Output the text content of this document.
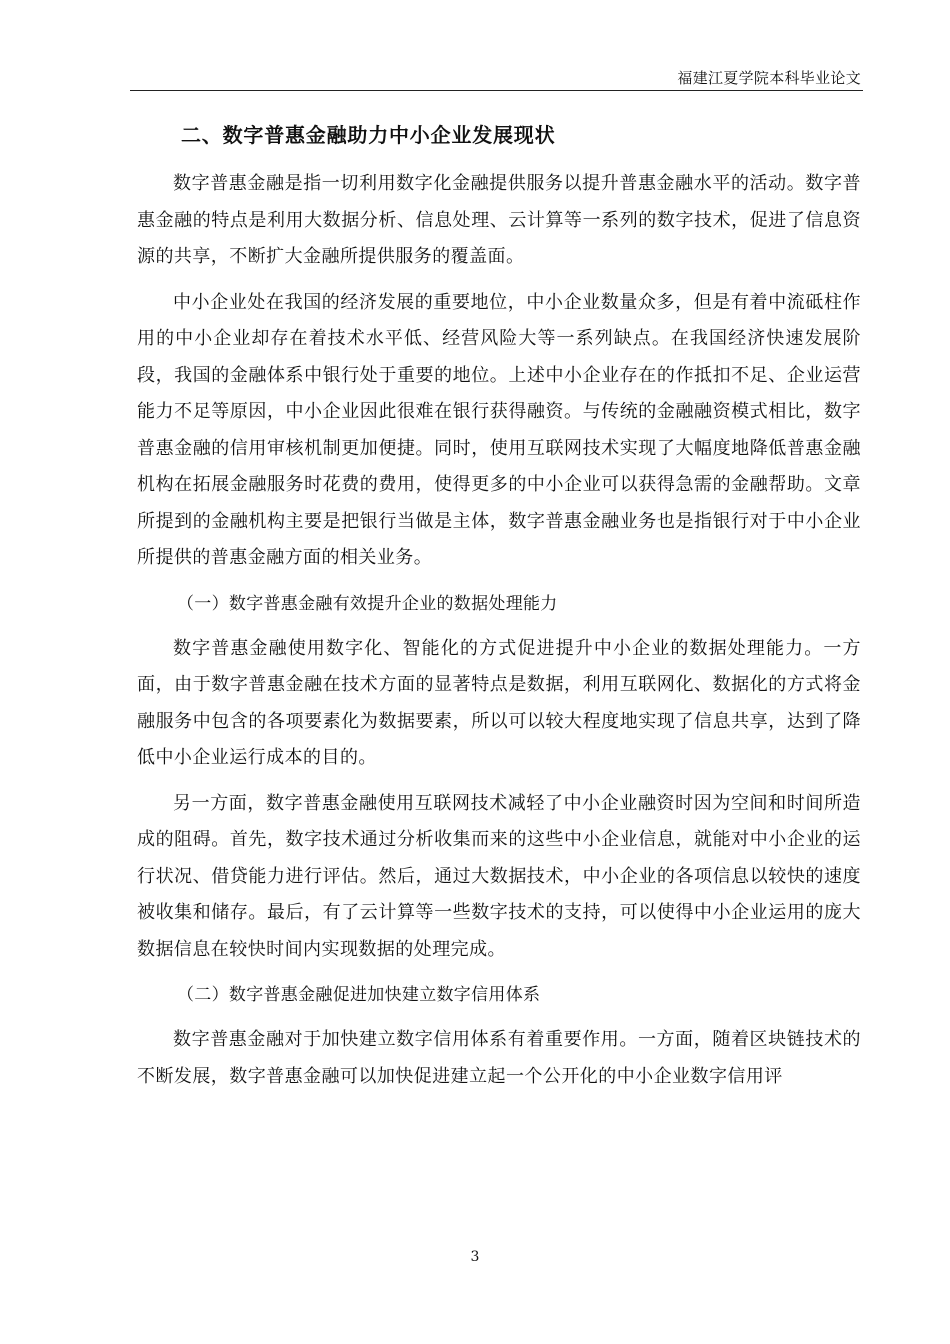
福建江夏学院本科毕业论文
二、数字普惠金融助力中小企业发展现状

数字普惠金融是指一切利用数字化金融提供服务以提升普惠金融水平的活动。数字普惠金融的特点是利用大数据分析、信息处理、云计算等一系列的数字技术，促进了信息资源的共享，不断扩大金融所提供服务的覆盖面。

中小企业处在我国的经济发展的重要地位，中小企业数量众多，但是有着中流砥柱作用的中小企业却存在着技术水平低、经营风险大等一系列缺点。在我国经济快速发展阶段，我国的金融体系中银行处于重要的地位。上述中小企业存在的作抵扣不足、企业运营能力不足等原因，中小企业因此很难在银行获得融资。与传统的金融融资模式相比，数字普惠金融的信用审核机制更加便捷。同时，使用互联网技术实现了大幅度地降低普惠金融机构在拓展金融服务时花费的费用，使得更多的中小企业可以获得急需的金融帮助。文章所提到的金融机构主要是把银行当做是主体，数字普惠金融业务也是指银行对于中小企业所提供的普惠金融方面的相关业务。

（一）数字普惠金融有效提升企业的数据处理能力

数字普惠金融使用数字化、智能化的方式促进提升中小企业的数据处理能力。一方面，由于数字普惠金融在技术方面的显著特点是数据，利用互联网化、数据化的方式将金融服务中包含的各项要素化为数据要素，所以可以较大程度地实现了信息共享，达到了降低中小企业运行成本的目的。

另一方面，数字普惠金融使用互联网技术减轻了中小企业融资时因为空间和时间所造成的阻碍。首先，数字技术通过分析收集而来的这些中小企业信息，就能对中小企业的运行状况、借贷能力进行评估。然后，通过大数据技术，中小企业的各项信息以较快的速度被收集和储存。最后，有了云计算等一些数字技术的支持，可以使得中小企业运用的庞大数据信息在较快时间内实现数据的处理完成。

（二）数字普惠金融促进加快建立数字信用体系

数字普惠金融对于加快建立数字信用体系有着重要作用。一方面，随着区块链技术的不断发展，数字普惠金融可以加快促进建立起一个公开化的中小企业数字信用评

3
